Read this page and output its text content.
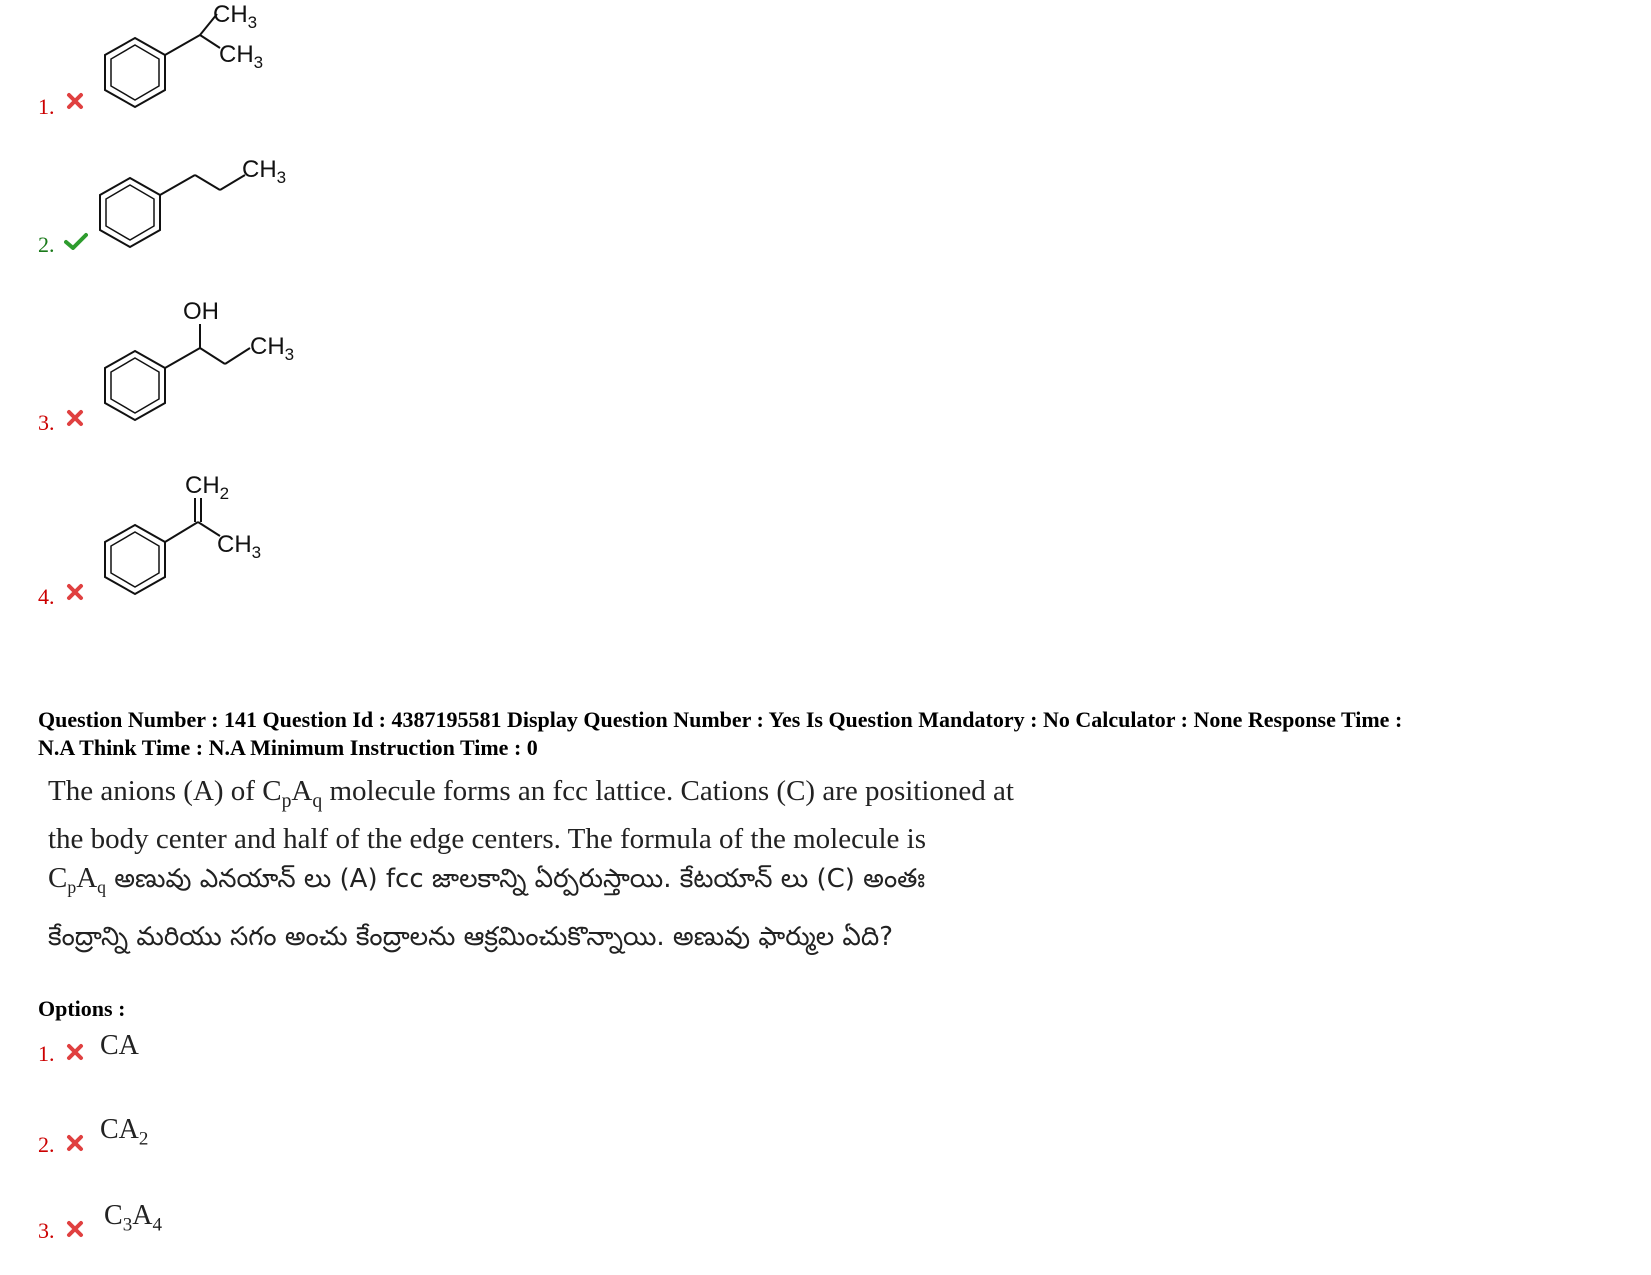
1.
$CH_3$
$CH_3$
2.
$CH_3$
3.
OH
$CH_3$
4.
$CH_2$
$CH_3$
Question Number : 141 Question Id : 4387195581 Display Question Number : Yes Is Question Mandatory : No Calculator : None Response Time :
N.A Think Time : N.A Minimum Instruction Time : 0
The anions (A) of $C_pA_q$ molecule forms an fcc lattice. Cations (C) are positioned at
the body center and half of the edge centers. The formula of the molecule is
$C_pA_q$ అణువు ఎనయాన్ లు (A) fcc జాలకాన్ని ఏర్పరుస్తాయి. కేటయాన్ లు (C) అంతః
కేంద్రాన్ని మరియు సగం అంచు కేంద్రాలను ఆక్రమించుకొన్నాయి. అణువు ఫార్ముల ఏది?
Options :
1. CA
2. $CA_2$
3. $C_3A_4$
